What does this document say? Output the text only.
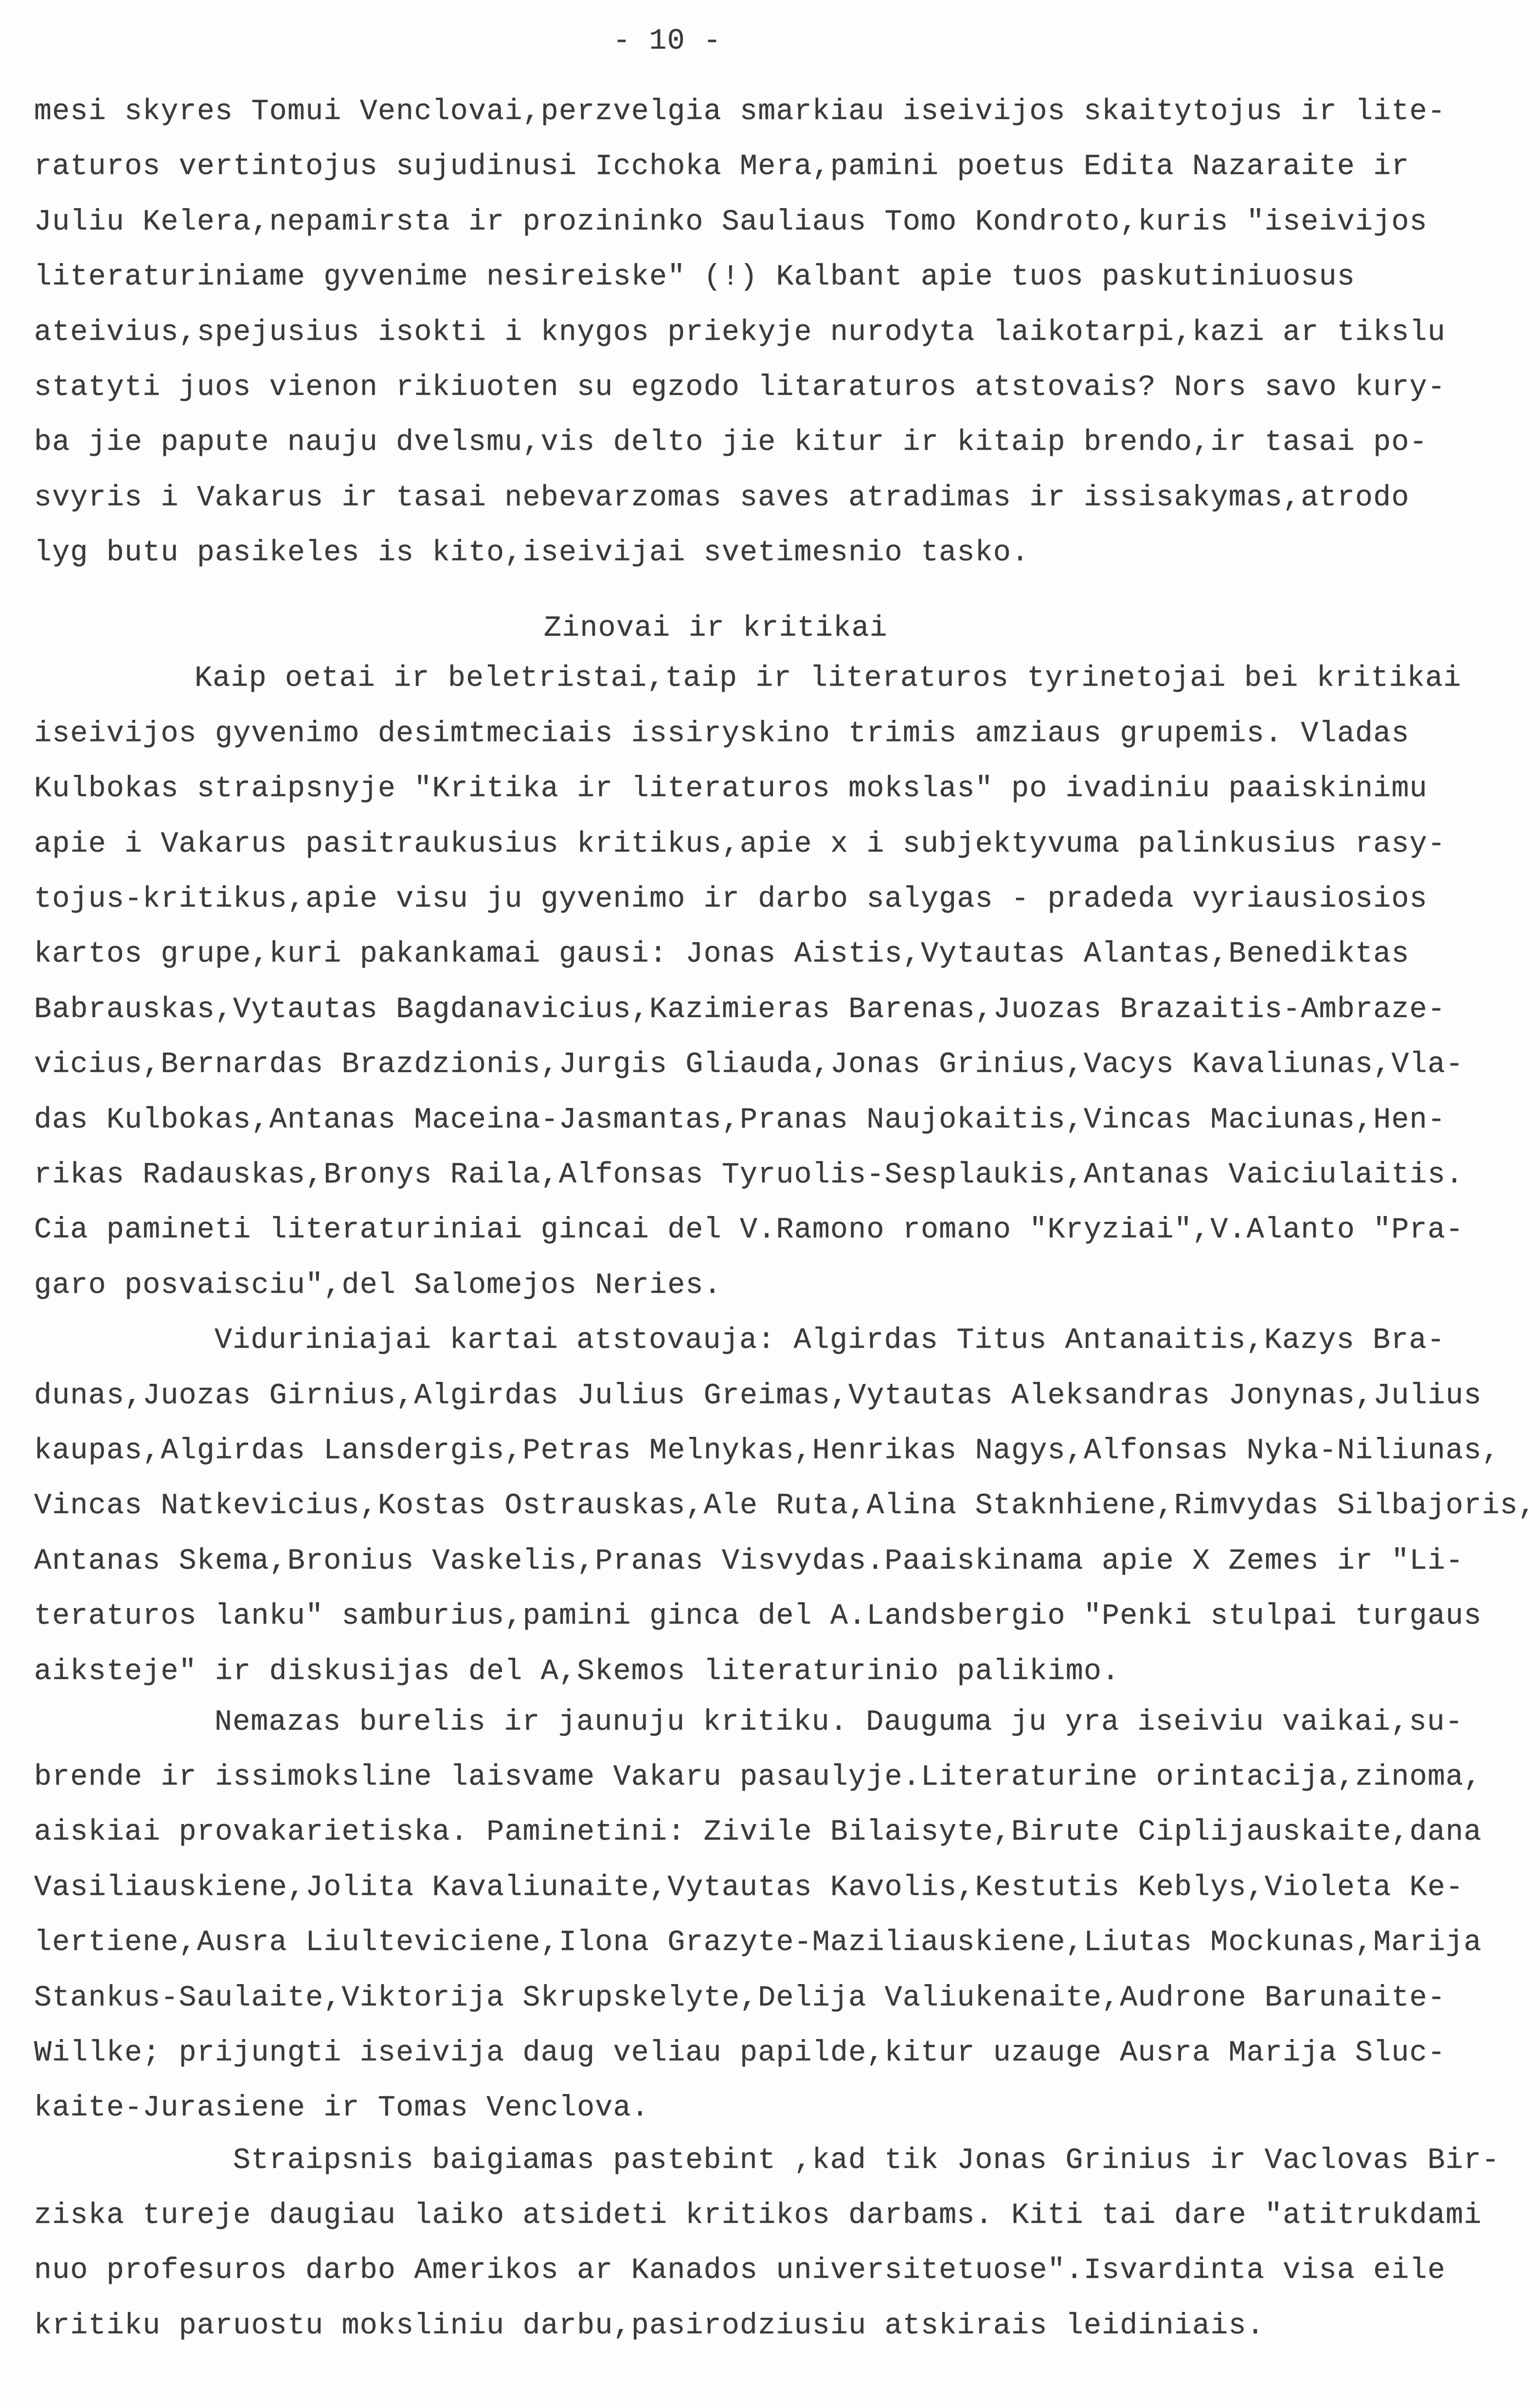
- 10 -
Zinovai ir kritikai
mesi skyres Tomui Venclovai,perzvelgia smarkiau iseivijos skaitytojus ir lite-
raturos vertintojus sujudinusi Icchoka Mera,pamini poetus Edita Nazaraite ir
Juliu Kelera,nepamirsta ir prozininko Sauliaus Tomo Kondroto,kuris "iseivijos
literaturiniame gyvenime nesireiske" (!) Kalbant apie tuos paskutiniuosus
ateivius,spejusius isokti i knygos priekyje nurodyta laikotarpi,kazi ar tikslu
statyti juos vienon rikiuoten su egzodo litaraturos atstovais? Nors savo kury-
ba jie papute nauju dvelsmu,vis delto jie kitur ir kitaip brendo,ir tasai po-
svyris i Vakarus ir tasai nebevarzomas saves atradimas ir issisakymas,atrodo
lyg butu pasikeles is kito,iseivijai svetimesnio tasko.
Kaip oetai ir beletristai,taip ir literaturos tyrinetojai bei kritikai
iseivijos gyvenimo desimtmeciais issiryskino trimis amziaus grupemis. Vladas
Kulbokas straipsnyje "Kritika ir literaturos mokslas" po ivadiniu paaiskinimu
apie i Vakarus pasitraukusius kritikus,apie x i subjektyvuma palinkusius rasy-
tojus-kritikus,apie visu ju gyvenimo ir darbo salygas - pradeda vyriausiosios
kartos grupe,kuri pakankamai gausi: Jonas Aistis,Vytautas Alantas,Benediktas
Babrauskas,Vytautas Bagdanavicius,Kazimieras Barenas,Juozas Brazaitis-Ambraze-
vicius,Bernardas Brazdzionis,Jurgis Gliauda,Jonas Grinius,Vacys Kavaliunas,Vla-
das Kulbokas,Antanas Maceina-Jasmantas,Pranas Naujokaitis,Vincas Maciunas,Hen-
rikas Radauskas,Bronys Raila,Alfonsas Tyruolis-Sesplaukis,Antanas Vaiciulaitis.
Cia pamineti literaturiniai gincai del V.Ramono romano "Kryziai",V.Alanto "Pra-
garo posvaisciu",del Salomejos Neries.
Viduriniajai kartai atstovauja: Algirdas Titus Antanaitis,Kazys Bra-
dunas,Juozas Girnius,Algirdas Julius Greimas,Vytautas Aleksandras Jonynas,Julius
kaupas,Algirdas Lansdergis,Petras Melnykas,Henrikas Nagys,Alfonsas Nyka-Niliunas,
Vincas Natkevicius,Kostas Ostrauskas,Ale Ruta,Alina Staknhiene,Rimvydas Silbajoris,
Antanas Skema,Bronius Vaskelis,Pranas Visvydas.Paaiskinama apie X Zemes ir "Li-
teraturos lanku" samburius,pamini ginca del A.Landsbergio "Penki stulpai turgaus
aiksteje" ir diskusijas del A,Skemos literaturinio palikimo.
Nemazas burelis ir jaunuju kritiku. Dauguma ju yra iseiviu vaikai,su-
brende ir issimoksline laisvame Vakaru pasaulyje.Literaturine orintacija,zinoma,
aiskiai provakarietiska. Paminetini: Zivile Bilaisyte,Birute Ciplijauskaite,dana
Vasiliauskiene,Jolita Kavaliunaite,Vytautas Kavolis,Kestutis Keblys,Violeta Ke-
lertiene,Ausra Liulteviciene,Ilona Grazyte-Maziliauskiene,Liutas Mockunas,Marija
Stankus-Saulaite,Viktorija Skrupskelyte,Delija Valiukenaite,Audrone Barunaite-
Willke; prijungti iseivija daug veliau papilde,kitur uzauge Ausra Marija Sluc-
kaite-Jurasiene ir Tomas Venclova.
Straipsnis baigiamas pastebint ,kad tik Jonas Grinius ir Vaclovas Bir-
ziska tureje daugiau laiko atsideti kritikos darbams. Kiti tai dare "atitrukdami
nuo profesuros darbo Amerikos ar Kanados universitetuose".Isvardinta visa eile
kritiku paruostu moksliniu darbu,pasirodziusiu atskirais leidiniais.
